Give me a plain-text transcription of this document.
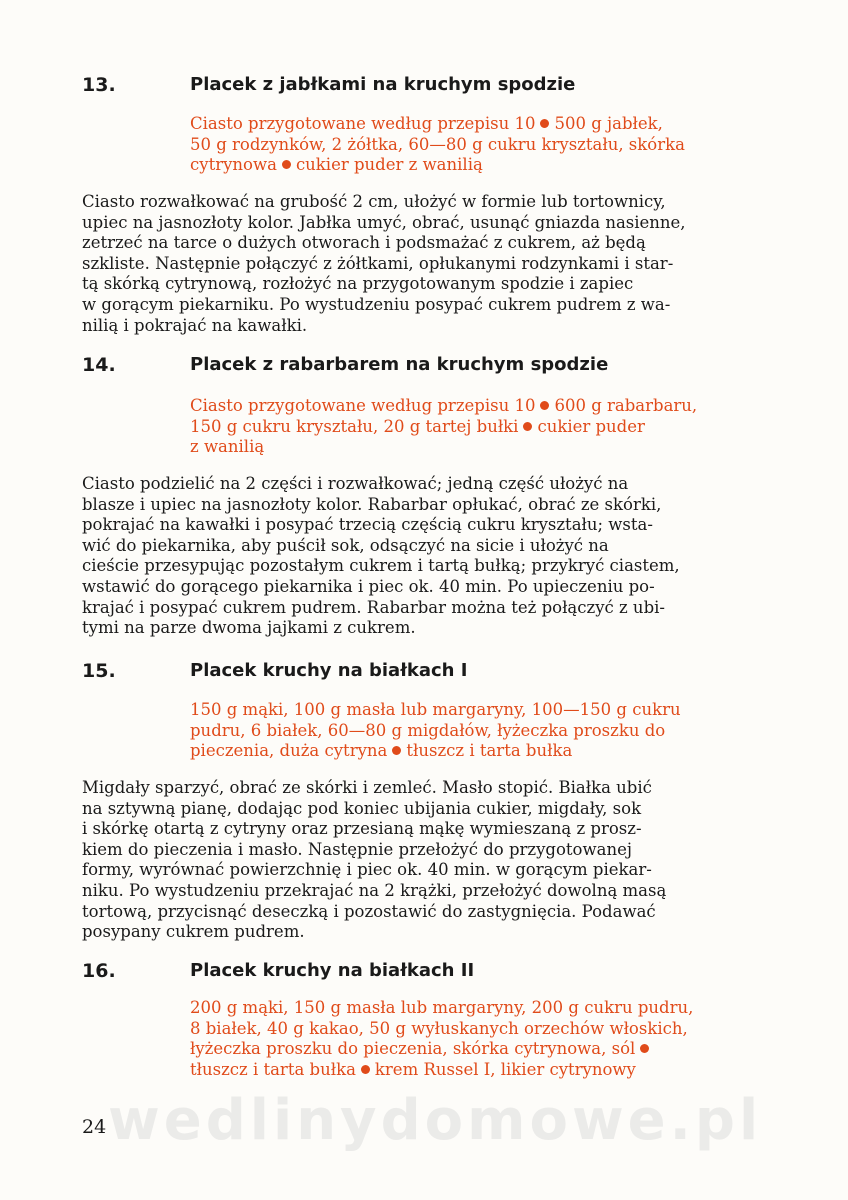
13.	Placek z jabłkami na kruchym spodzie
Ciasto przygotowane według przepisu 10 500 g jabłek,
50 g rodzynków, 2 żółtka, 60—80 g cukru kryształu, skórka
cytrynowa cukier puder z wanilią
Ciasto rozwałkować na grubość 2 cm, ułożyć w formie lub tortownicy,
upiec na jasnozłoty kolor. Jabłka umyć, obrać, usunąć gniazda nasienne,
zetrzeć na tarce o dużych otworach i podsmażać z cukrem, aż będą
szkliste. Następnie połączyć z żółtkami, opłukanymi rodzynkami i star-
tą skórką cytrynową, rozłożyć na przygotowanym spodzie i zapiec
w gorącym piekarniku. Po wystudzeniu posypać cukrem pudrem z wa-
nilią i pokrajać na kawałki.
14.	Placek z rabarbarem na kruchym spodzie
Ciasto przygotowane według przepisu 10 600 g rabarbaru,
150 g cukru kryształu, 20 g tartej bułki cukier puder
z wanilią
Ciasto podzielić na 2 części i rozwałkować; jedną część ułożyć na
blasze i upiec na jasnozłoty kolor. Rabarbar opłukać, obrać ze skórki,
pokrajać na kawałki i posypać trzecią częścią cukru kryształu; wsta-
wić do piekarnika, aby puścił sok, odsączyć na sicie i ułożyć na
cieście przesypując pozostałym cukrem i tartą bułką; przykryć ciastem,
wstawić do gorącego piekarnika i piec ok. 40 min. Po upieczeniu po-
krajać i posypać cukrem pudrem. Rabarbar można też połączyć z ubi-
tymi na parze dwoma jajkami z cukrem.
15.	Placek kruchy na białkach I
150 g mąki, 100 g masła lub margaryny, 100—150 g cukru
pudru, 6 białek, 60—80 g migdałów, łyżeczka proszku do
pieczenia, duża cytryna tłuszcz i tarta bułka
Migdały sparzyć, obrać ze skórki i zemleć. Masło stopić. Białka ubić
na sztywną pianę, dodając pod koniec ubijania cukier, migdały, sok
i skórkę otartą z cytryny oraz przesianą mąkę wymieszaną z prosz-
kiem do pieczenia i masło. Następnie przełożyć do przygotowanej
formy, wyrównać powierzchnię i piec ok. 40 min. w gorącym piekar-
niku. Po wystudzeniu przekrajać na 2 krążki, przełożyć dowolną masą
tortową, przycisnąć deseczką i pozostawić do zastygnięcia. Podawać
posypany cukrem pudrem.
16.	Placek kruchy na białkach II
200 g mąki, 150 g masła lub margaryny, 200 g cukru pudru,
8 białek, 40 g kakao, 50 g wyłuskanych orzechów włoskich,
łyżeczka proszku do pieczenia, skórka cytrynowa, sól
tłuszcz i tarta bułka krem Russel I, likier cytrynowy
wedlinydomowe.pl
24
